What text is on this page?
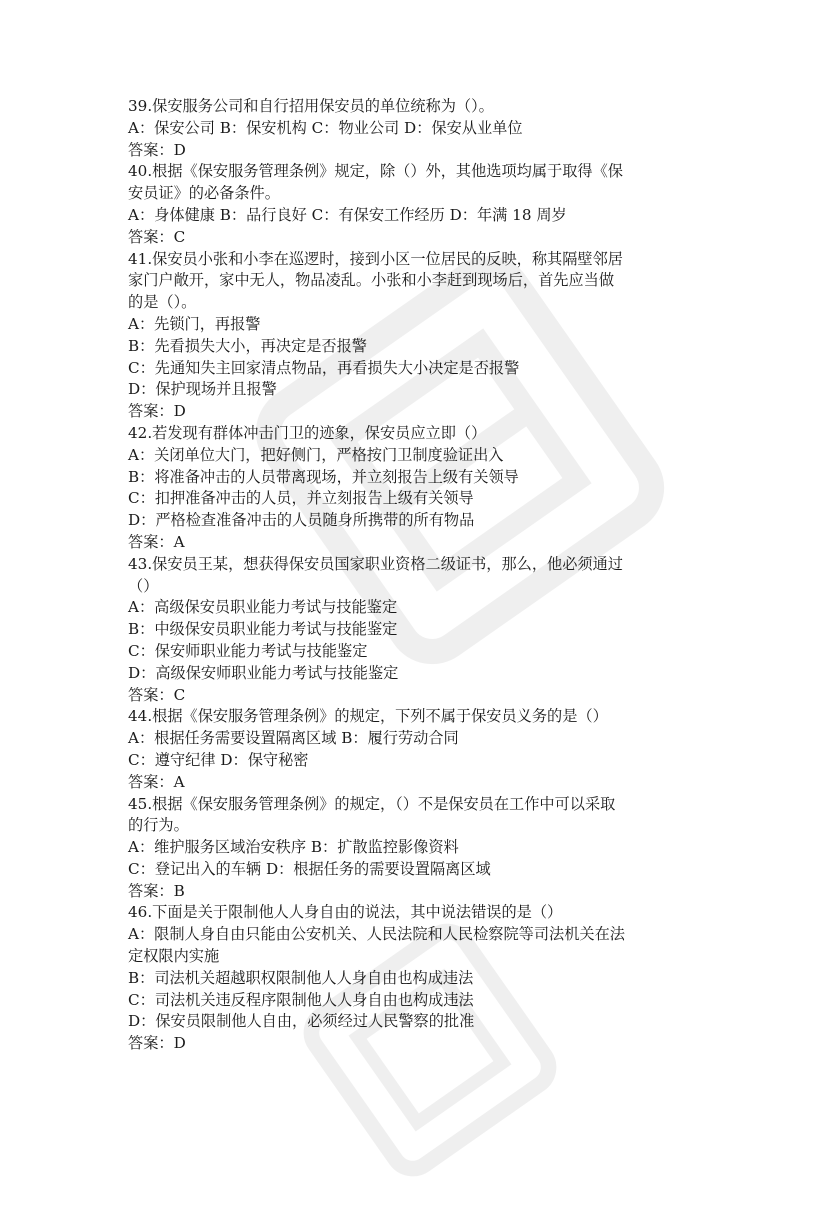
39.保安服务公司和自行招用保安员的单位统称为（）。

A：保安公司 B：保安机构 C：物业公司 D：保安从业单位

答案：D

40.根据《保安服务管理条例》规定，除（）外，其他选项均属于取得《保

安员证》的必备条件。

A：身体健康 B：品行良好 C：有保安工作经历 D：年满 18 周岁

答案：C

41.保安员小张和小李在巡逻时，接到小区一位居民的反映，称其隔壁邻居

家门户敞开，家中无人，物品凌乱。小张和小李赶到现场后，首先应当做

的是（）。

A：先锁门，再报警

B：先看损失大小，再决定是否报警

C：先通知失主回家清点物品，再看损失大小决定是否报警

D：保护现场并且报警

答案：D

42.若发现有群体冲击门卫的迹象，保安员应立即（）

A：关闭单位大门，把好侧门，严格按门卫制度验证出入

B：将准备冲击的人员带离现场，并立刻报告上级有关领导

C：扣押准备冲击的人员，并立刻报告上级有关领导

D：严格检查准备冲击的人员随身所携带的所有物品

答案：A

43.保安员王某，想获得保安员国家职业资格二级证书，那么，他必须通过

（）

A：高级保安员职业能力考试与技能鉴定

B：中级保安员职业能力考试与技能鉴定

C：保安师职业能力考试与技能鉴定

D：高级保安师职业能力考试与技能鉴定

答案：C

44.根据《保安服务管理条例》的规定，下列不属于保安员义务的是（）

A：根据任务需要设置隔离区域 B：履行劳动合同

C：遵守纪律 D：保守秘密

答案：A

45.根据《保安服务管理条例》的规定，（）不是保安员在工作中可以采取

的行为。

A：维护服务区域治安秩序 B：扩散监控影像资料

C：登记出入的车辆 D：根据任务的需要设置隔离区域

答案：B

46.下面是关于限制他人人身自由的说法，其中说法错误的是（）

A：限制人身自由只能由公安机关、人民法院和人民检察院等司法机关在法

定权限内实施

B：司法机关超越职权限制他人人身自由也构成违法

C：司法机关违反程序限制他人人身自由也构成违法

D：保安员限制他人自由，必须经过人民警察的批准

答案：D
